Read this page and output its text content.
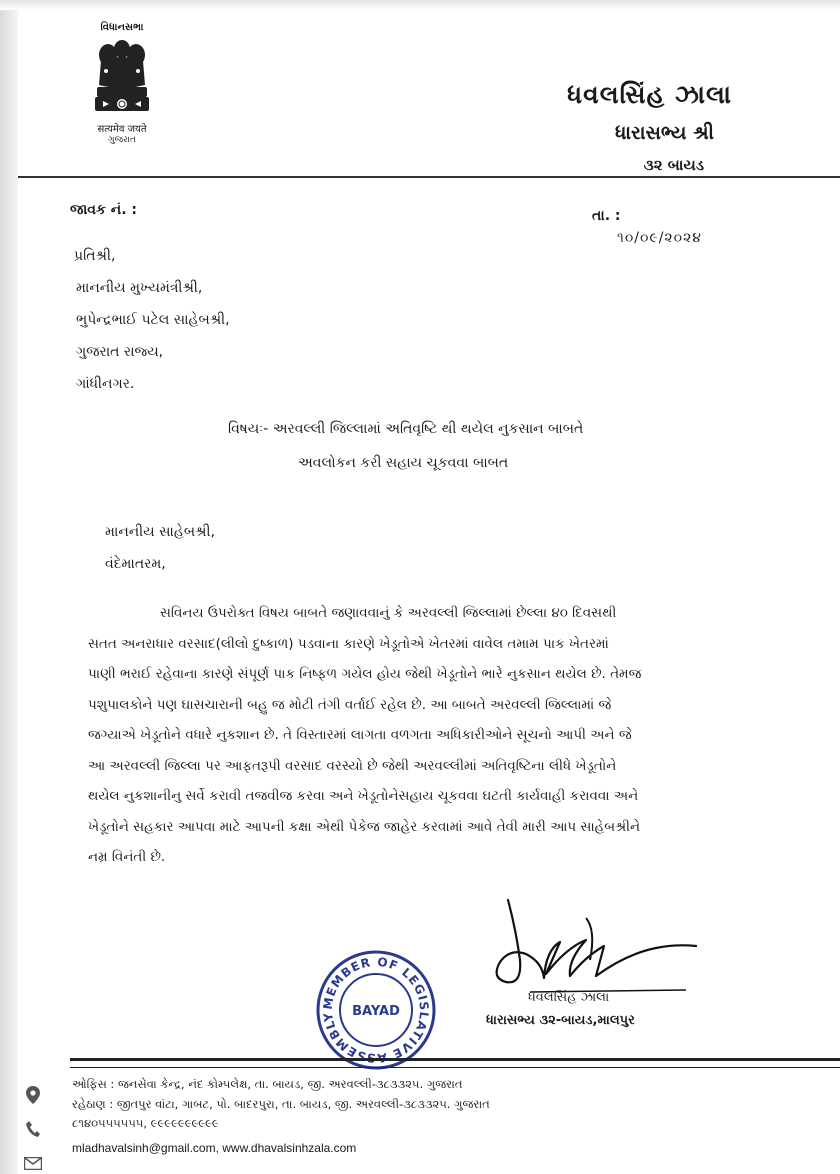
વિધાનસભા
सत्यमेव जयते
ગુજરાત
ધવલસિંહ ઝાલા
ધારાસભ્ય શ્રી
૩૨ બાયડ
જાવક નં. :	તા. :
૧૦/૦૯/૨૦૨૪
પ્રતિશ્રી,
માનનીય મુખ્યમંત્રીશ્રી,
ભુપેન્દ્રભાઈ પટેલ સાહેબશ્રી,
ગુજરાત રાજ્ય,
ગાંધીનગર.
વિષયઃ- અરવલ્લી જિલ્લામાં અતિવૃષ્ટિ થી થયેલ નુકસાન બાબતે
અવલોકન કરી સહાય ચૂકવવા બાબત
માનનીય સાહેબશ્રી,
વંદેમાતરમ,
સવિનય ઉપરોક્ત વિષય બાબતે જણાવવાનું કે અરવલ્લી જિલ્લામાં છેલ્લા ૪૦ દિવસથી
સતત અનરાધાર વરસાદ(લીલો દુષ્કાળ) પડવાના કારણે ખેડૂતોએ ખેતરમાં વાવેલ તમામ પાક ખેતરમાં
પાણી ભરાઈ રહેવાના કારણે સંપૂર્ણ પાક નિષ્ફળ ગયેલ હોય જેથી ખેડૂતોને ભારે નુકસાન થયેલ છે. તેમજ
પશુપાલકોને પણ ઘાસચારાની બહુ જ મોટી તંગી વર્તાઈ રહેલ છે. આ બાબતે અરવલ્લી જિલ્લામાં જે
જગ્યાએ ખેડૂતોને વધારે નુકશાન છે. તે વિસ્તારમાં લાગતા વળગતા અધિકારીઓને સૂચનો આપી અને જે
આ અરવલ્લી જિલ્લા પર આફતરૂપી વરસાદ વરસ્યો છે જેથી અરવલ્લીમાં અતિવૃષ્ટિના લીધે ખેડૂતોને
થયેલ નુકશાનીનુ સર્વે કરાવી તજવીજ કરવા અને ખેડૂતોનેસહાય ચૂકવવા ઘટતી કાર્યવાહી કરાવવા અને
ખેડૂતોને સહકાર આપવા માટે આપની કક્ષા એથી પેકેજ જાહેર કરવામાં આવે તેવી મારી આપ સાહેબશ્રીને
નમ્ર વિનંતી છે.
MEMBER OF LEGISLATIVE ASSEMBLY	BAYAD
ધવલસિંહ ઝાલા
ધારાસભ્ય ૩૨-બાયડ,માલપુર
ઓફિસ : જનસેવા કેન્દ્ર, નંદ કોમ્પલેક્ષ, તા. બાયડ, જી. અરવલ્લી-૩૮૩૩૨૫. ગુજરાત
રહેઠાણ : જીતપુર વાંટા, ગાબટ, પો. બાદરપુરા, તા. બાયડ, જી. અરવલ્લી-૩૮૩૩૨૫. ગુજરાત
૮૧૪૦૫૫૫૫૫૫, ૯૯૯૯૯૯૯૯૯૯
mladhavalsinh@gmail.com, www.dhavalsinhzala.com
